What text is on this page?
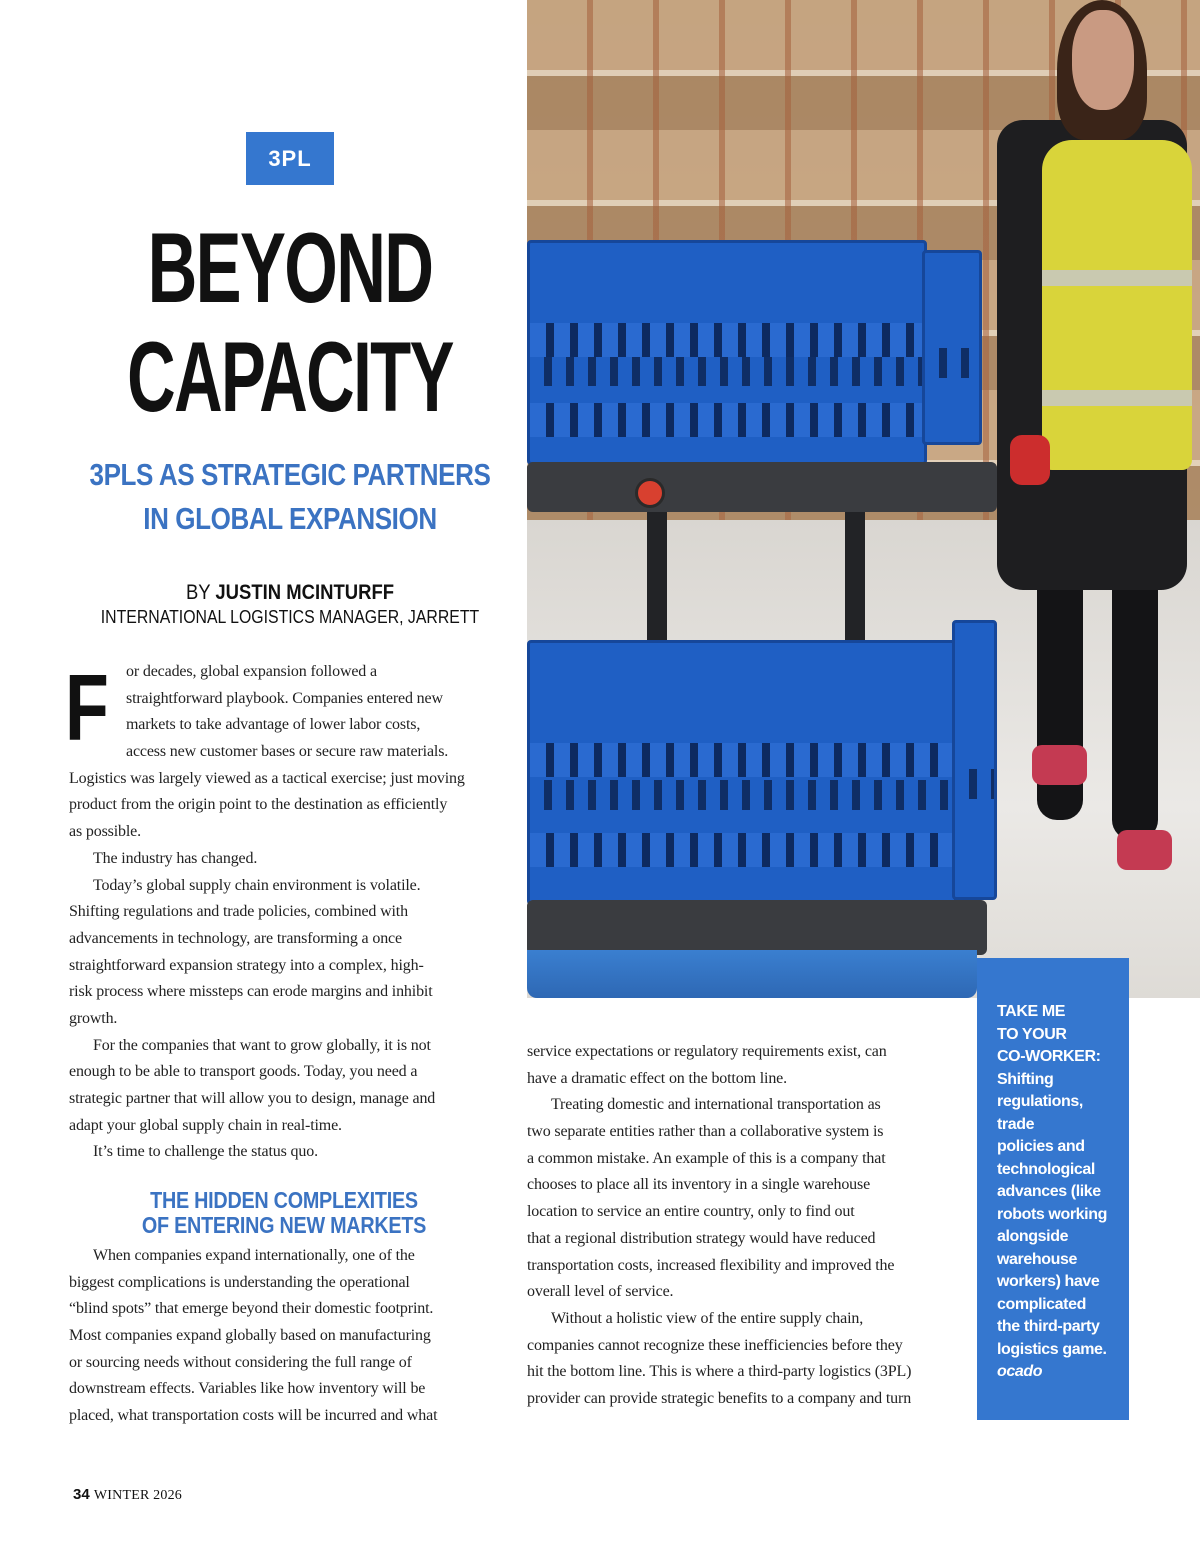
3PL
BEYOND
CAPACITY
3PLS AS STRATEGIC PARTNERS
IN GLOBAL EXPANSION
BY JUSTIN MCINTURFF
INTERNATIONAL LOGISTICS MANAGER, JARRETT
F	or decades, global expansion followed a
straightforward playbook. Companies entered new
markets to take advantage of lower labor costs,
access new customer bases or secure raw materials.
Logistics was largely viewed as a tactical exercise; just moving
product from the origin point to the destination as efficiently
as possible.
The industry has changed.
Today’s global supply chain environment is volatile.
Shifting regulations and trade policies, combined with
advancements in technology, are transforming a once
straightforward expansion strategy into a complex, high-
risk process where missteps can erode margins and inhibit
growth.
For the companies that want to grow globally, it is not
enough to be able to transport goods. Today, you need a
strategic partner that will allow you to design, manage and
adapt your global supply chain in real-time.
It’s time to challenge the status quo.
THE HIDDEN COMPLEXITIES
OF ENTERING NEW MARKETS
When companies expand internationally, one of the
biggest complications is understanding the operational
“blind spots” that emerge beyond their domestic footprint.
Most companies expand globally based on manufacturing
or sourcing needs without considering the full range of
downstream effects. Variables like how inventory will be
placed, what transportation costs will be incurred and what
service expectations or regulatory requirements exist, can
have a dramatic effect on the bottom line.
Treating domestic and international transportation as
two separate entities rather than a collaborative system is
a common mistake. An example of this is a company that
chooses to place all its inventory in a single warehouse
location to service an entire country, only to find out
that a regional distribution strategy would have reduced
transportation costs, increased flexibility and improved the
overall level of service.
Without a holistic view of the entire supply chain,
companies cannot recognize these inefficiencies before they
hit the bottom line. This is where a third-party logistics (3PL)
provider can provide strategic benefits to a company and turn
TAKE ME
TO YOUR
CO-WORKER:
Shifting
regulations,
trade
policies and
technological
advances (like
robots working
alongside
warehouse
workers) have
complicated
the third-party
logistics game.
ocado
34 WINTER 2026
